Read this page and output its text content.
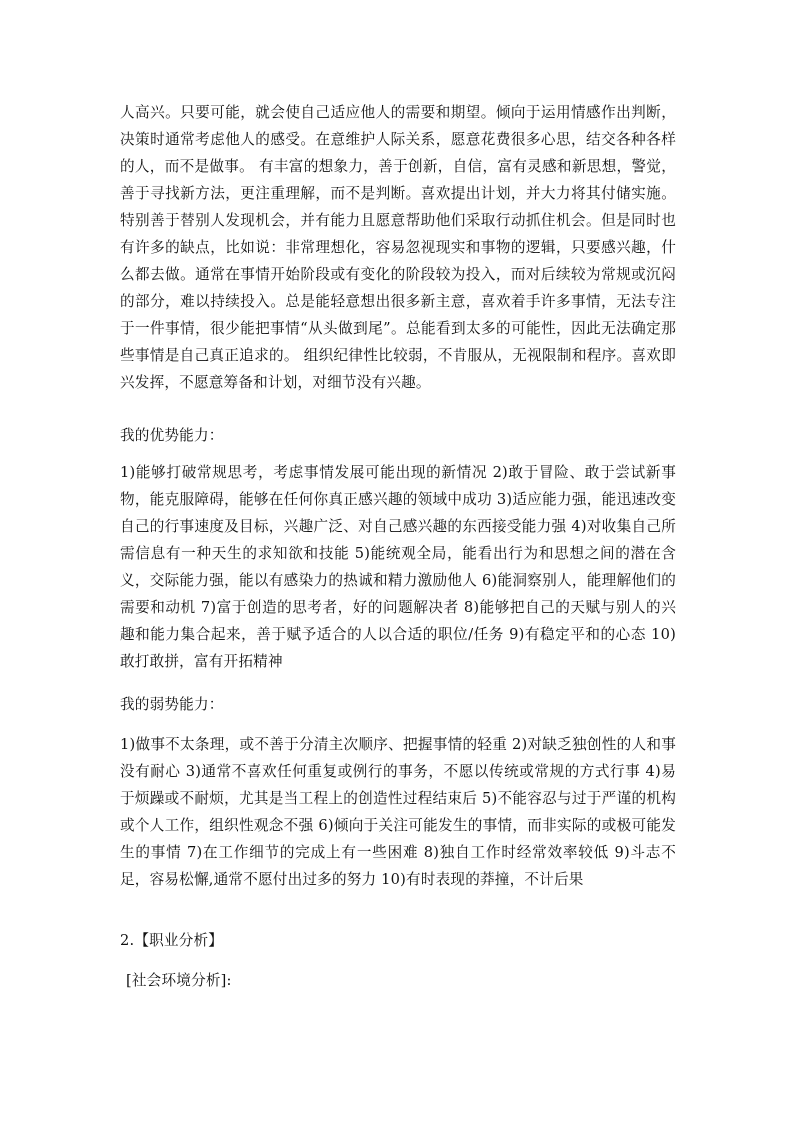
人高兴。只要可能，就会使自己适应他人的需要和期望。倾向于运用情感作出判断，决策时通常考虑他人的感受。在意维护人际关系，愿意花费很多心思，结交各种各样的人，而不是做事。 有丰富的想象力，善于创新，自信，富有灵感和新思想，警觉，善于寻找新方法，更注重理解，而不是判断。喜欢提出计划，并大力将其付储实施。特别善于替别人发现机会，并有能力且愿意帮助他们采取行动抓住机会。但是同时也有许多的缺点，比如说：非常理想化，容易忽视现实和事物的逻辑，只要感兴趣，什么都去做。通常在事情开始阶段或有变化的阶段较为投入，而对后续较为常规或沉闷的部分，难以持续投入。总是能轻意想出很多新主意，喜欢着手许多事情，无法专注于一件事情，很少能把事情“从头做到尾”。总能看到太多的可能性，因此无法确定那些事情是自己真正追求的。 组织纪律性比较弱，不肯服从，无视限制和程序。喜欢即兴发挥，不愿意筹备和计划，对细节没有兴趣。

我的优势能力：

1)能够打破常规思考，考虑事情发展可能出现的新情况 2)敢于冒险、敢于尝试新事物，能克服障碍，能够在任何你真正感兴趣的领域中成功 3)适应能力强，能迅速改变自己的行事速度及目标，兴趣广泛、对自己感兴趣的东西接受能力强 4)对收集自己所需信息有一种天生的求知欲和技能 5)能统观全局，能看出行为和思想之间的潜在含义，交际能力强，能以有感染力的热诚和精力激励他人 6)能洞察别人，能理解他们的需要和动机 7)富于创造的思考者，好的问题解决者 8)能够把自己的天赋与别人的兴趣和能力集合起来，善于赋予适合的人以合适的职位/任务 9)有稳定平和的心态 10)敢打敢拼，富有开拓精神

我的弱势能力：

1)做事不太条理，或不善于分清主次顺序、把握事情的轻重 2)对缺乏独创性的人和事没有耐心 3)通常不喜欢任何重复或例行的事务，不愿以传统或常规的方式行事 4)易于烦躁或不耐烦，尤其是当工程上的创造性过程结束后 5)不能容忍与过于严谨的机构或个人工作，组织性观念不强 6)倾向于关注可能发生的事情，而非实际的或极可能发生的事情 7)在工作细节的完成上有一些困难 8)独自工作时经常效率较低 9)斗志不足，容易松懈,通常不愿付出过多的努力 10)有时表现的莽撞，不计后果

2.【职业分析】

[社会环境分析]:
